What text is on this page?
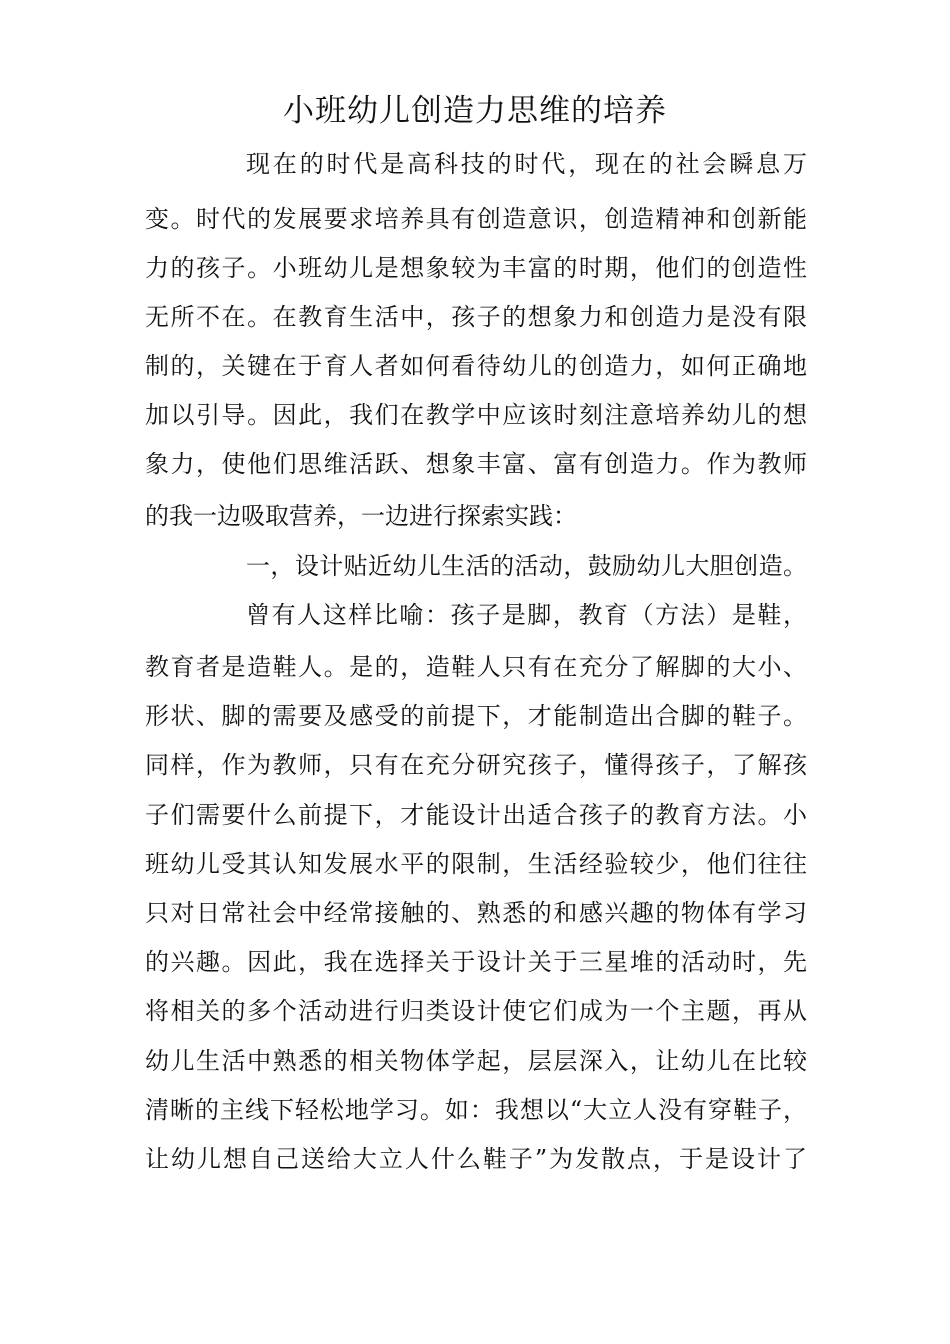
小班幼儿创造力思维的培养
现在的时代是高科技的时代，现在的社会瞬息万
变。时代的发展要求培养具有创造意识，创造精神和创新能
力的孩子。小班幼儿是想象较为丰富的时期，他们的创造性
无所不在。在教育生活中，孩子的想象力和创造力是没有限
制的，关键在于育人者如何看待幼儿的创造力，如何正确地
加以引导。因此，我们在教学中应该时刻注意培养幼儿的想
象力，使他们思维活跃、想象丰富、富有创造力。作为教师
的我一边吸取营养，一边进行探索实践：
一，设计贴近幼儿生活的活动，鼓励幼儿大胆创造。
曾有人这样比喻：孩子是脚，教育（方法）是鞋，
教育者是造鞋人。是的，造鞋人只有在充分了解脚的大小、
形状、脚的需要及感受的前提下，才能制造出合脚的鞋子。
同样，作为教师，只有在充分研究孩子，懂得孩子，了解孩
子们需要什么前提下，才能设计出适合孩子的教育方法。小
班幼儿受其认知发展水平的限制，生活经验较少，他们往往
只对日常社会中经常接触的、熟悉的和感兴趣的物体有学习
的兴趣。因此，我在选择关于设计关于三星堆的活动时，先
将相关的多个活动进行归类设计使它们成为一个主题，再从
幼儿生活中熟悉的相关物体学起，层层深入，让幼儿在比较
清晰的主线下轻松地学习。如：我想以“大立人没有穿鞋子，
让幼儿想自己送给大立人什么鞋子”为发散点，于是设计了
